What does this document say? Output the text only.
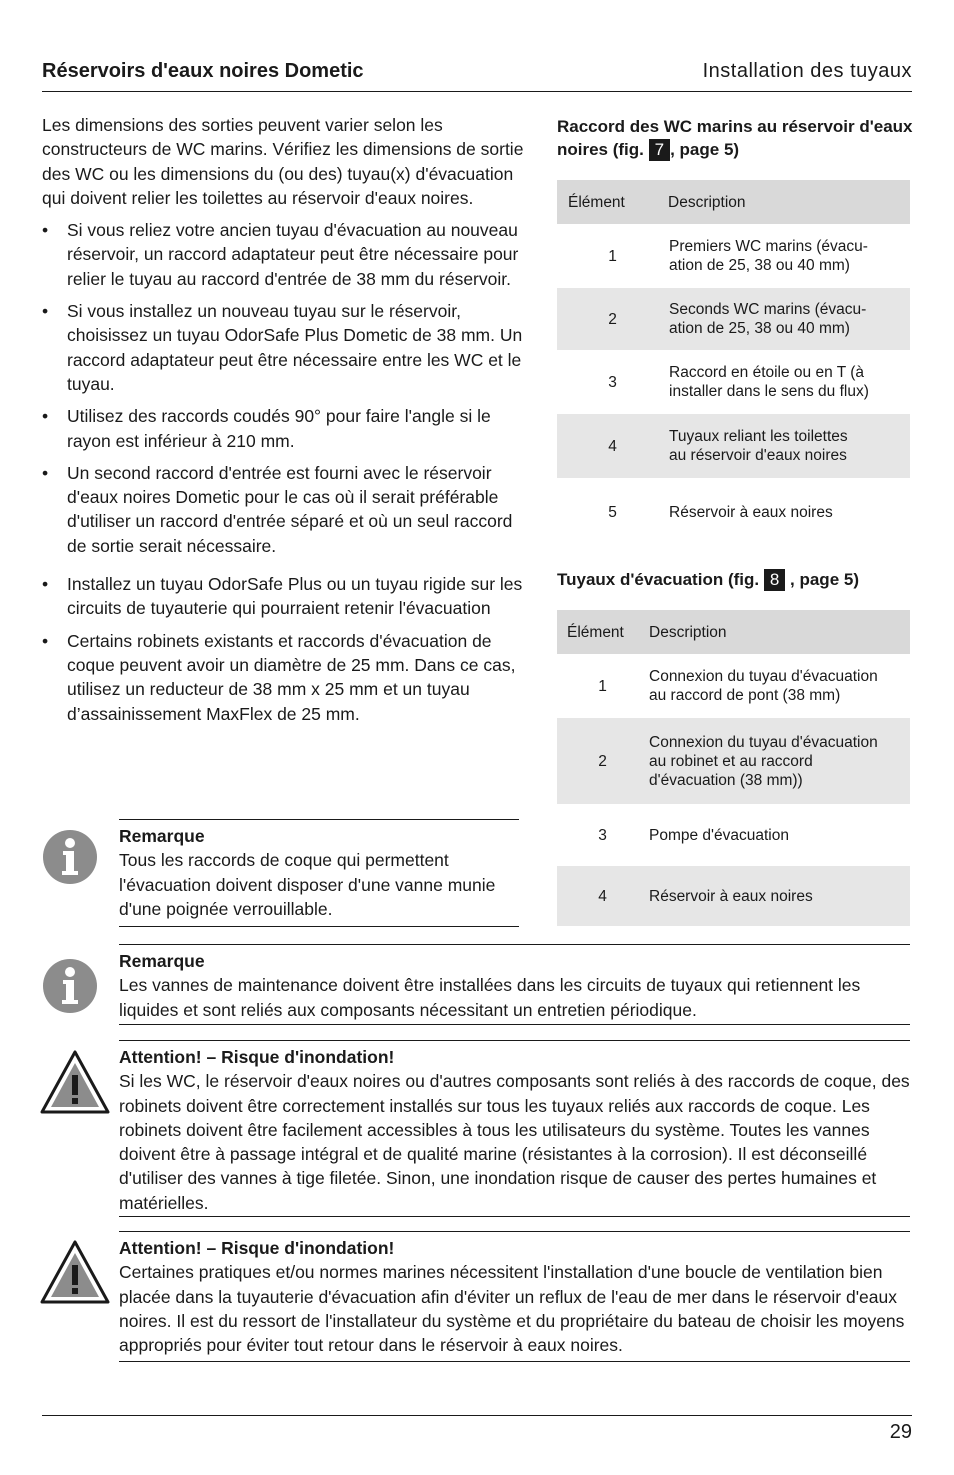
Réservoirs d'eaux noires Dometic	Installation des tuyaux

Les dimensions des sorties peuvent varier selon les constructeurs de WC marins. Vérifiez les dimensions de sortie des WC ou les dimensions du (ou des) tuyau(x) d'évacuation qui doivent relier les toilettes au réservoir d'eaux noires.

• Si vous reliez votre ancien tuyau d'évacuation au nouveau réservoir, un raccord adaptateur peut être nécessaire pour relier le tuyau au raccord d'entrée de 38 mm du réservoir.
• Si vous installez un nouveau tuyau sur le réservoir, choisissez un tuyau OdorSafe Plus Dometic de 38 mm. Un raccord adaptateur peut être nécessaire entre les WC et le tuyau.
• Utilisez des raccords coudés 90° pour faire l'angle si le rayon est inférieur à 210 mm.
• Un second raccord d'entrée est fourni avec le réservoir d'eaux noires Dometic pour le cas où il serait préférable d'utiliser un raccord d'entrée séparé et où un seul raccord de sortie serait nécessaire.
• Installez un tuyau OdorSafe Plus ou un tuyau rigide sur les circuits de tuyauterie qui pourraient retenir l'évacuation
• Certains robinets existants et raccords d'évacuation de coque peuvent avoir un diamètre de 25 mm. Dans ce cas, utilisez un reducteur de 38 mm x 25 mm et un tuyau d’assainissement MaxFlex de 25 mm.
Remarque
Tous les raccords de coque qui permettent l'évacuation doivent disposer d'une vanne munie d'une poignée verrouillable.
Raccord des WC marins au réservoir d'eaux noires (fig. 7 , page 5)
Élément	Description
1	Premiers WC marins (évacu-
ation de 25, 38 ou 40 mm)
2	Seconds WC marins (évacu-
ation de 25, 38 ou 40 mm)
3	Raccord en étoile ou en T (à
installer dans le sens du flux)
4	Tuyaux reliant les toilettes
au réservoir d'eaux noires
5	Réservoir à eaux noires
Tuyaux d'évacuation (fig. 8 , page 5)
Élément	Description
1	Connexion du tuyau d'évacuation
au raccord de pont (38 mm)
2	Connexion du tuyau d'évacuation
au robinet et au raccord
d'évacuation (38 mm))
3	Pompe d'évacuation
4	Réservoir à eaux noires
Remarque
Les vannes de maintenance doivent être installées dans les circuits de tuyaux qui retiennent les liquides et sont reliés aux composants nécessitant un entretien périodique.
Attention! – Risque d'inondation!
Si les WC, le réservoir d'eaux noires ou d'autres composants sont reliés à des raccords de coque, des robinets doivent être correctement installés sur tous les tuyaux reliés aux raccords de coque. Les robinets doivent être facilement accessibles à tous les utilisateurs du système. Toutes les vannes doivent être à passage intégral et de qualité marine (résistantes à la corrosion). Il est déconseillé d'utiliser des vannes à tige filetée. Sinon, une inondation risque de causer des pertes humaines et matérielles.
Attention! – Risque d'inondation!
Certaines pratiques et/ou normes marines nécessitent l'installation d'une boucle de ventilation bien placée dans la tuyauterie d'évacuation afin d'éviter un reflux de l'eau de mer dans le réservoir d'eaux noires. Il est du ressort de l'installateur du système et du propriétaire du bateau de choisir les moyens appropriés pour éviter tout retour dans le réservoir à eaux noires.
29
